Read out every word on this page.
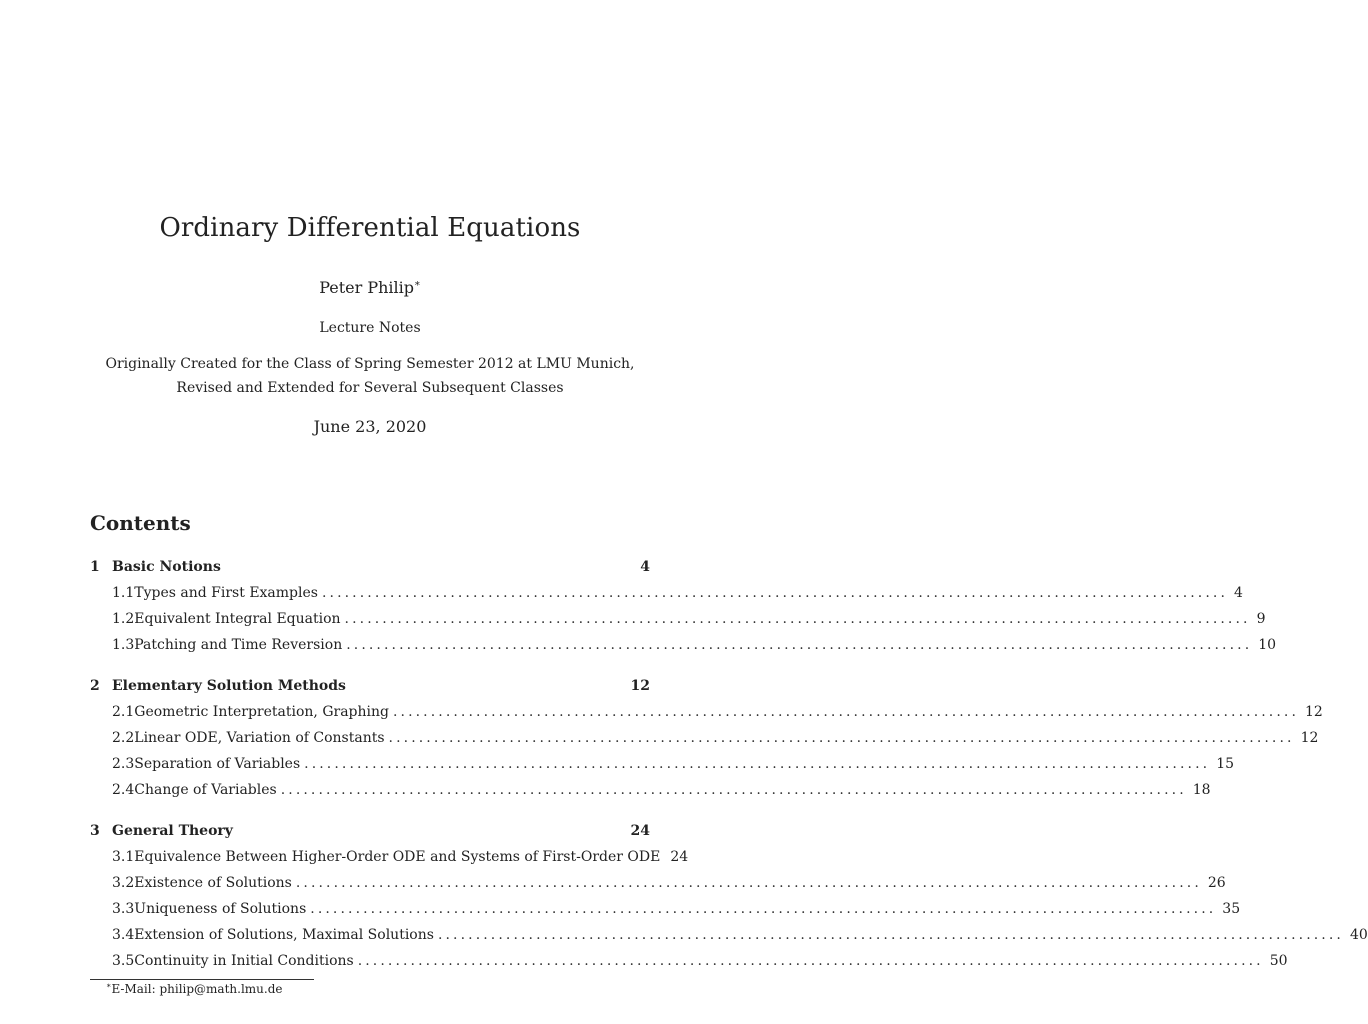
Ordinary Differential Equations
Peter Philip∗
Lecture Notes
Originally Created for the Class of Spring Semester 2012 at LMU Munich,
Revised and Extended for Several Subsequent Classes
June 23, 2020
Contents
1 Basic Notions	4
1.1 Types and First Examples ........................................................................................................................ 4
1.2 Equivalent Integral Equation ........................................................................................................................ 9
1.3 Patching and Time Reversion ........................................................................................................................ 10
2 Elementary Solution Methods	12
2.1 Geometric Interpretation, Graphing ........................................................................................................................ 12
2.2 Linear ODE, Variation of Constants ........................................................................................................................ 12
2.3 Separation of Variables ........................................................................................................................ 15
2.4 Change of Variables ........................................................................................................................ 18
3 General Theory	24
3.1 Equivalence Between Higher-Order ODE and Systems of First-Order ODE 24
3.2 Existence of Solutions ........................................................................................................................ 26
3.3 Uniqueness of Solutions ........................................................................................................................ 35
3.4 Extension of Solutions, Maximal Solutions ........................................................................................................................ 40
3.5 Continuity in Initial Conditions ........................................................................................................................ 50
∗E-Mail: philip@math.lmu.de
